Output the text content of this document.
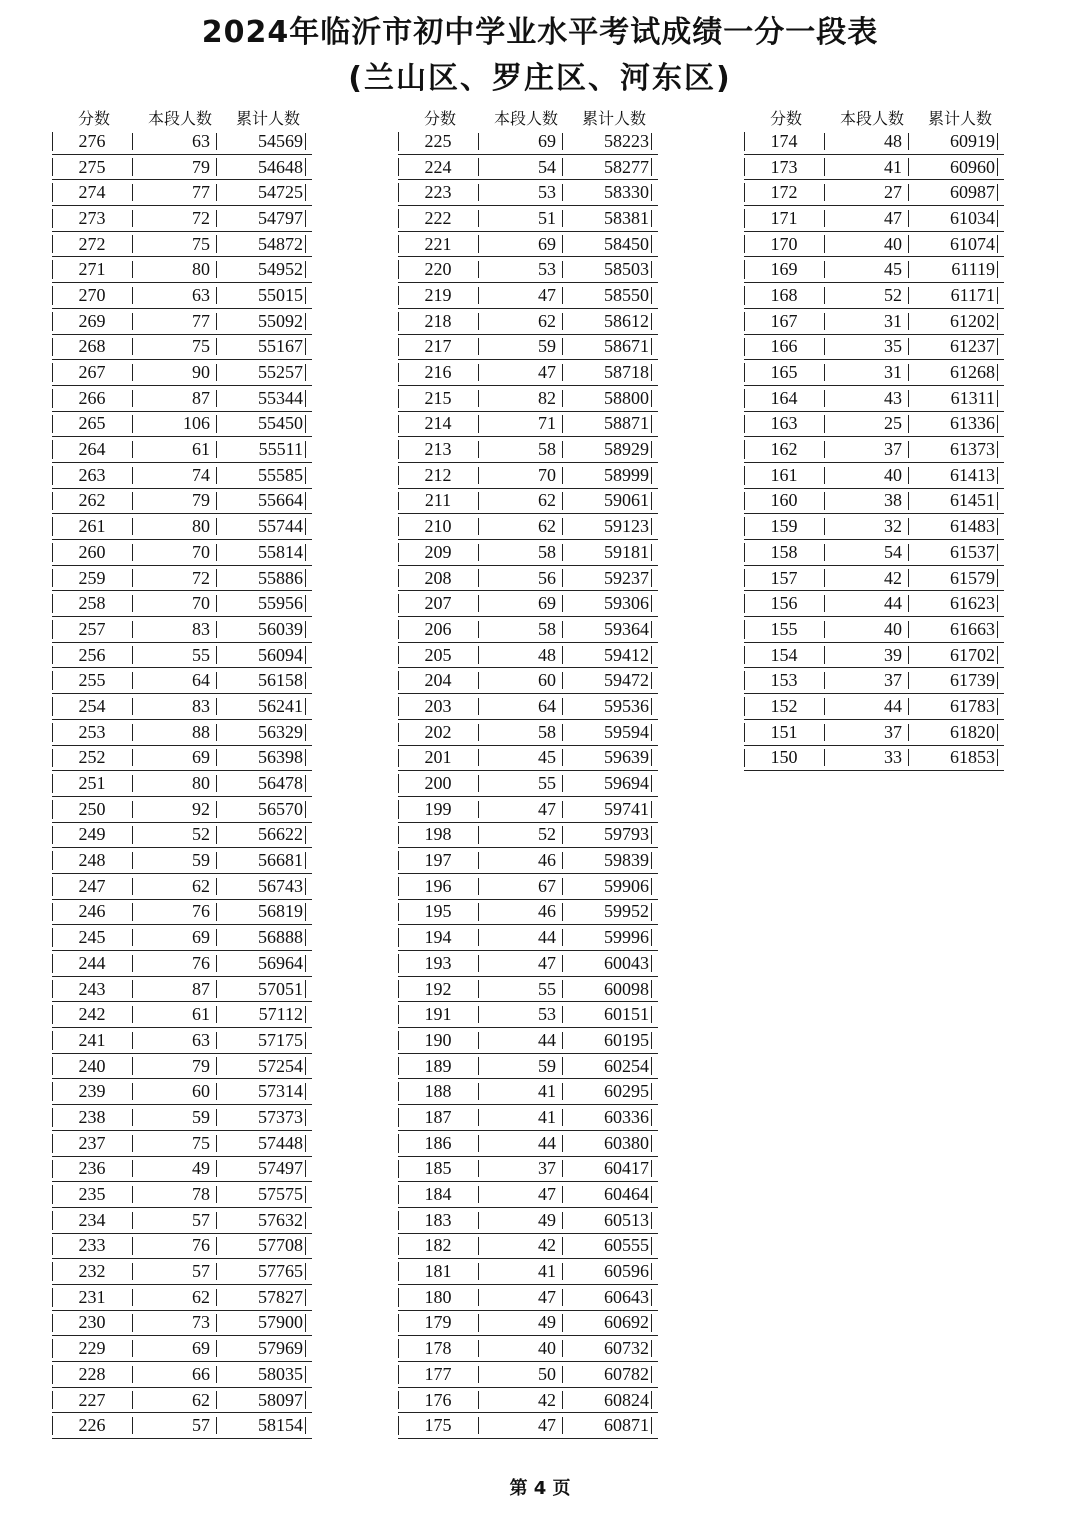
2024年临沂市初中学业水平考试成绩一分一段表
(兰山区、罗庄区、河东区)
分数	本段人数	累计人数
276	63	54569
275	79	54648
274	77	54725
273	72	54797
272	75	54872
271	80	54952
270	63	55015
269	77	55092
268	75	55167
267	90	55257
266	87	55344
265	106	55450
264	61	55511
263	74	55585
262	79	55664
261	80	55744
260	70	55814
259	72	55886
258	70	55956
257	83	56039
256	55	56094
255	64	56158
254	83	56241
253	88	56329
252	69	56398
251	80	56478
250	92	56570
249	52	56622
248	59	56681
247	62	56743
246	76	56819
245	69	56888
244	76	56964
243	87	57051
242	61	57112
241	63	57175
240	79	57254
239	60	57314
238	59	57373
237	75	57448
236	49	57497
235	78	57575
234	57	57632
233	76	57708
232	57	57765
231	62	57827
230	73	57900
229	69	57969
228	66	58035
227	62	58097
226	57	58154
分数	本段人数	累计人数
225	69	58223
224	54	58277
223	53	58330
222	51	58381
221	69	58450
220	53	58503
219	47	58550
218	62	58612
217	59	58671
216	47	58718
215	82	58800
214	71	58871
213	58	58929
212	70	58999
211	62	59061
210	62	59123
209	58	59181
208	56	59237
207	69	59306
206	58	59364
205	48	59412
204	60	59472
203	64	59536
202	58	59594
201	45	59639
200	55	59694
199	47	59741
198	52	59793
197	46	59839
196	67	59906
195	46	59952
194	44	59996
193	47	60043
192	55	60098
191	53	60151
190	44	60195
189	59	60254
188	41	60295
187	41	60336
186	44	60380
185	37	60417
184	47	60464
183	49	60513
182	42	60555
181	41	60596
180	47	60643
179	49	60692
178	40	60732
177	50	60782
176	42	60824
175	47	60871
分数	本段人数	累计人数
174	48	60919
173	41	60960
172	27	60987
171	47	61034
170	40	61074
169	45	61119
168	52	61171
167	31	61202
166	35	61237
165	31	61268
164	43	61311
163	25	61336
162	37	61373
161	40	61413
160	38	61451
159	32	61483
158	54	61537
157	42	61579
156	44	61623
155	40	61663
154	39	61702
153	37	61739
152	44	61783
151	37	61820
150	33	61853
第 4 页
